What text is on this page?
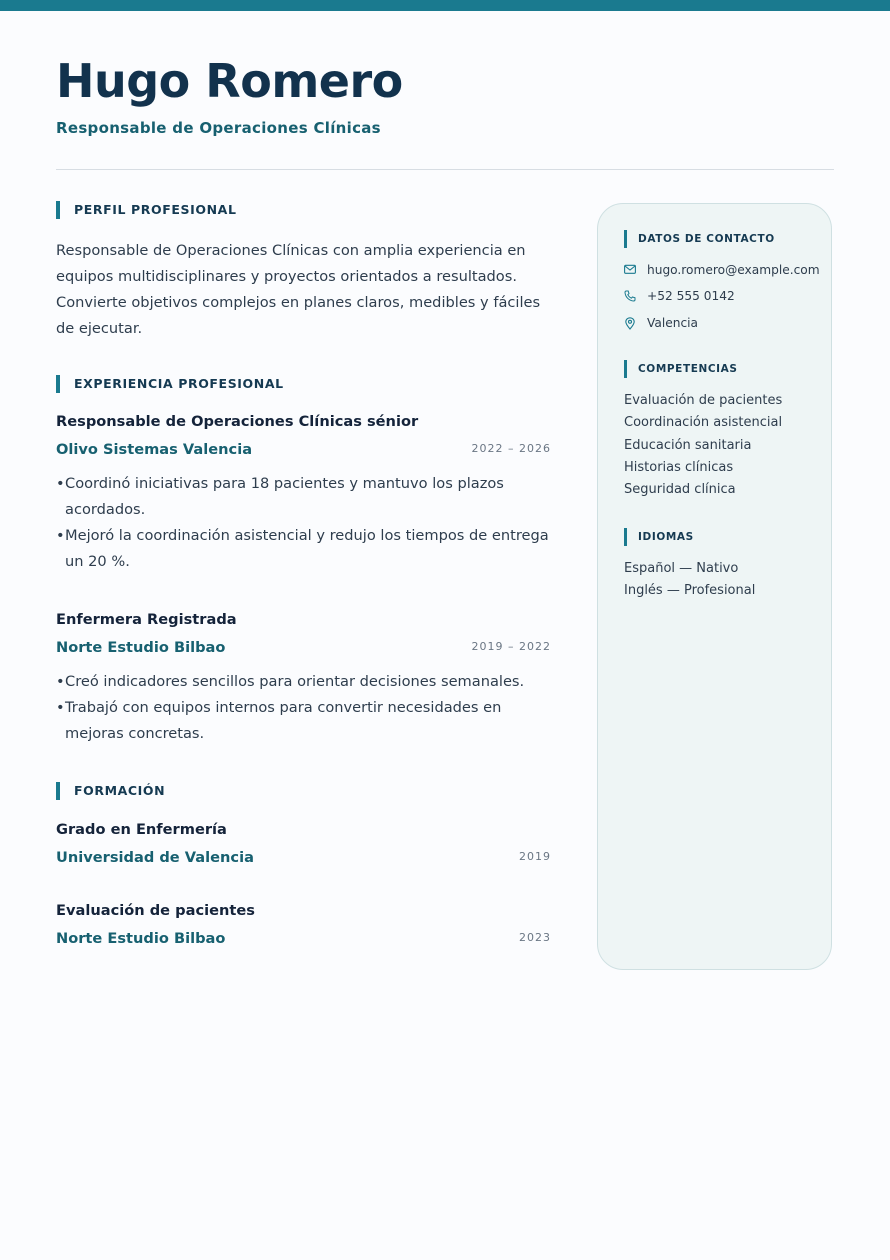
Hugo Romero
Responsable de Operaciones Clínicas
PERFIL PROFESIONAL
Responsable de Operaciones Clínicas con amplia experiencia en equipos multidisciplinares y proyectos orientados a resultados. Convierte objetivos complejos en planes claros, medibles y fáciles de ejecutar.
EXPERIENCIA PROFESIONAL
Responsable de Operaciones Clínicas sénior
Olivo Sistemas Valencia	2022 – 2026
• Coordinó iniciativas para 18 pacientes y mantuvo los plazos acordados.
• Mejoró la coordinación asistencial y redujo los tiempos de entrega un 20 %.
Enfermera Registrada
Norte Estudio Bilbao	2019 – 2022
• Creó indicadores sencillos para orientar decisiones semanales.
• Trabajó con equipos internos para convertir necesidades en mejoras concretas.
FORMACIÓN
Grado en Enfermería
Universidad de Valencia	2019
Evaluación de pacientes
Norte Estudio Bilbao	2023
DATOS DE CONTACTO
hugo.romero@example.com
+52 555 0142
Valencia
COMPETENCIAS
Evaluación de pacientes
Coordinación asistencial
Educación sanitaria
Historias clínicas
Seguridad clínica
IDIOMAS
Español — Nativo
Inglés — Profesional
